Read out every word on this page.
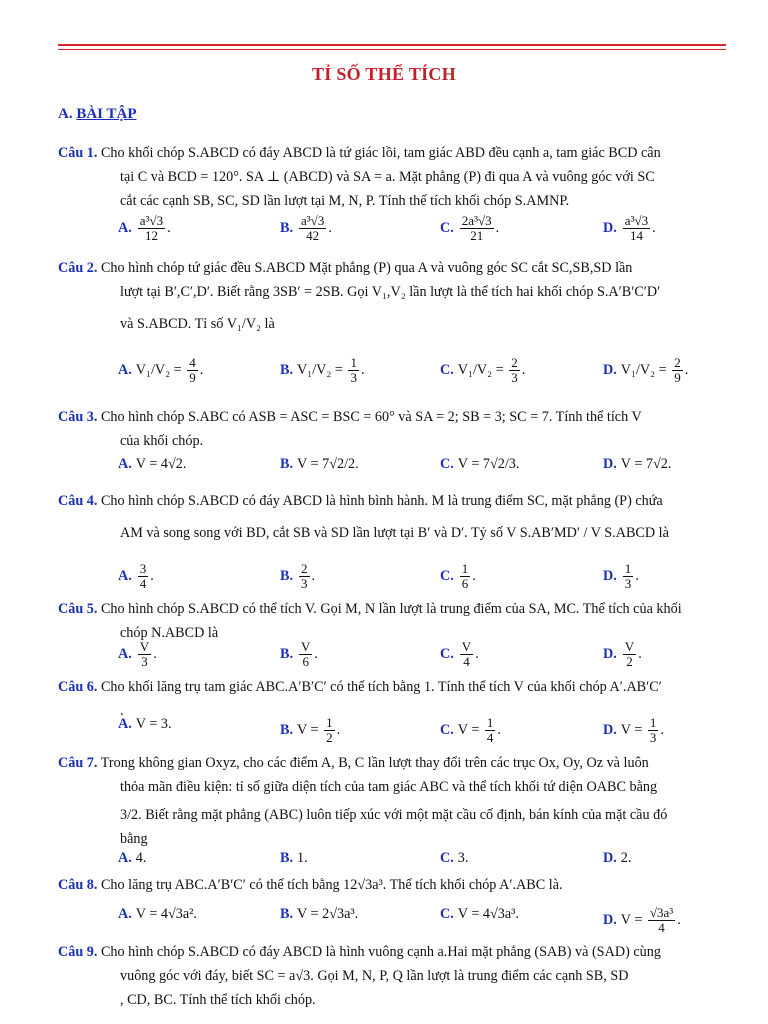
TỈ SỐ THỂ TÍCH
A. BÀI TẬP
Câu 1. Cho khối chóp S.ABCD có đáy ABCD là tứ giác lồi, tam giác ABD đều cạnh a, tam giác BCD cân
tại C và BCD = 120°. SA ⊥ (ABCD) và SA = a. Mặt phẳng (P) đi qua A và vuông góc với SC
cắt các cạnh SB, SC, SD lần lượt tại M, N, P. Tính thể tích khối chóp S.AMNP.
A. $\frac{\text{a³√3}}{12}$ .	B. $\frac{\text{a³√3}}{42}$ .	C. $\frac{\text{2a³√3}}{21}$ .	D. $\frac{\text{a³√3}}{14}$ .
Câu 2. Cho hình chóp tứ giác đều S.ABCD Mặt phẳng (P) qua A và vuông góc SC cắt SC,SB,SD lần
lượt tại B′,C′,D′. Biết rằng 3SB′ = 2SB. Gọi V₁,V₂ lần lượt là thể tích hai khối chóp S.A′B′C′D′
và S.ABCD. Tỉ số V₁/V₂ là
A. $V_1/V_2 = \frac{4}{9}$ .	B. $V_1/V_2 = \frac{1}{3}$ .	C. $V_1/V_2 = \frac{2}{3}$ .	D. $V_1/V_2 = \frac{2}{9}$ .
Câu 3. Cho hình chóp S.ABC có ASB = ASC = BSC = 60° và SA = 2; SB = 3; SC = 7. Tính thể tích V
của khối chóp.
A. V = 4√2.	B. V = 7√2/2.	C. V = 7√2/3.	D. V = 7√2.
Câu 4. Cho hình chóp S.ABCD có đáy ABCD là hình bình hành. M là trung điểm SC, mặt phẳng (P) chứa
AM và song song với BD, cắt SB và SD lần lượt tại B′ và D′. Tỷ số V S.AB′MD′ / V S.ABCD là
A. $\frac{3}{4}$ .	B. $\frac{2}{3}$ .	C. $\frac{1}{6}$ .	D. $\frac{1}{3}$ .
Câu 5. Cho hình chóp S.ABCD có thể tích V. Gọi M, N lần lượt là trung điểm của SA, MC. Thể tích của khối
chóp N.ABCD là
A. $\frac{V}{3}$ .	B. $\frac{V}{6}$ .	C. $\frac{V}{4}$ .	D. $\frac{V}{2}$ .
Câu 6. Cho khối lăng trụ tam giác ABC.A′B′C′ có thể tích bằng 1. Tính thể tích V của khối chóp A′.AB′C′
.
A. V = 3.	B. $V = \frac{1}{2}$ .	C. $V = \frac{1}{4}$ .	D. $V = \frac{1}{3}$ .
Câu 7. Trong không gian Oxyz, cho các điểm A, B, C lần lượt thay đổi trên các trục Ox, Oy, Oz và luôn
thỏa mãn điều kiện: tỉ số giữa diện tích của tam giác ABC và thể tích khối tứ diện OABC bằng
3/2. Biết rằng mặt phẳng (ABC) luôn tiếp xúc với một mặt cầu cố định, bán kính của mặt cầu đó
bằng
A. 4.	B. 1.	C. 3.	D. 2.
Câu 8. Cho lăng trụ ABC.A′B′C′ có thể tích bằng 12√3a³. Thể tích khối chóp A′.ABC là.
A. V = 4√3a².	B. V = 2√3a³.	C. V = 4√3a³.	D. $V = \frac{\text{√3a³}}{4}$ .
Câu 9. Cho hình chóp S.ABCD có đáy ABCD là hình vuông cạnh a.Hai mặt phẳng (SAB) và (SAD) cùng
vuông góc với đáy, biết SC = a√3. Gọi M, N, P, Q lần lượt là trung điểm các cạnh SB, SD
, CD, BC. Tính thể tích khối chóp.
